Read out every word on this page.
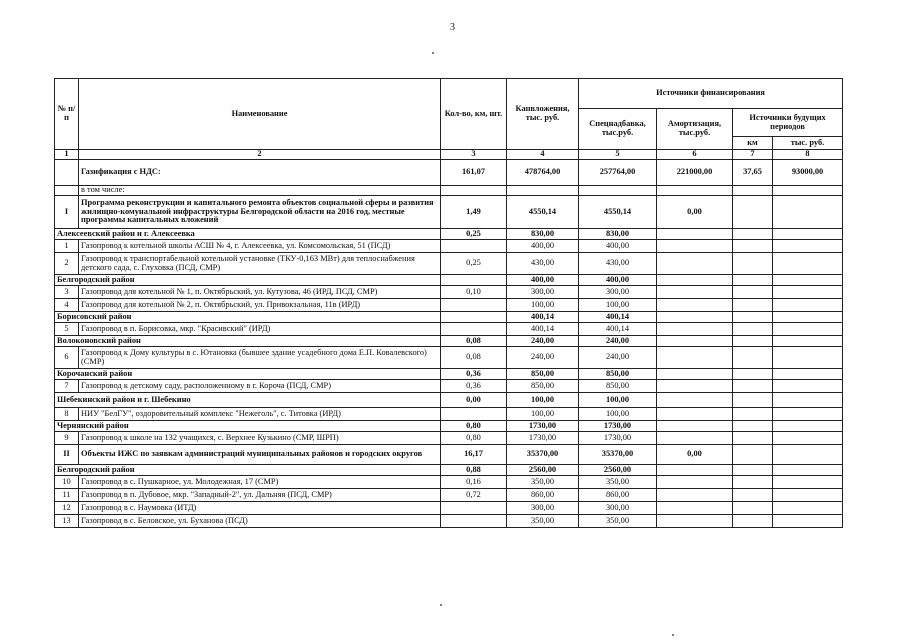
3
№ п/п	Наименование	Кол-во, км, шт.	Капвложения, тыс. руб.	Источники финансирования			
				Спецнадбавка, тыс.руб.	Амортизация, тыс.руб.	Источники будущих периодов	
						км	тыс. руб.
1	2	3	4	5	6	7	8
	Газификация с НДС:	161,07	478764,00	257764,00	221000,00	37,65	93000,00
	в том числе:						
I	Программа реконструкции и капитального ремонта объектов социальной сферы и развития жилищно-комунальной инфраструктуры Белгородской области на 2016 год, местные программы капитальных вложений	1,49	4550,14	4550,14	0,00		
Алексеевский район и г. Алексеевка		0,25	830,00	830,00			
1	Газопровод к котельной школы АСШ № 4, г. Алексеевка, ул. Комсомольская, 51 (ПСД)		400,00	400,00			
2	Газопровод к транспортабельной котельной установке (ТКУ-0,163 МВт) для теплоснабжения детского сада, с. Глуховка (ПСД, СМР)	0,25	430,00	430,00			
Белгородский район			400,00	400,00			
3	Газопровод для котельной № 1, п. Октябрьский, ул. Кутузова, 46 (ИРД, ПСД, СМР)	0,10	300,00	300,00			
4	Газопровод для котельной № 2, п. Октябрьский, ул. Привокзальная, 11в (ИРД)		100,00	100,00			
Борисовский район			400,14	400,14			
5	Газопровод в п. Борисовка, мкр. "Красивский" (ИРД)		400,14	400,14			
Волоконовский район		0,08	240,00	240,00			
6	Газопровод к Дому культуры в с. Ютановка (бывшее здание усадебного дома Е.П. Ковалевского) (СМР)	0,08	240,00	240,00			
Корочанский район		0,36	850,00	850,00			
7	Газопровод к детскому саду, расположенному в г. Короча (ПСД, СМР)	0,36	850,00	850,00			
Шебекинский район и г. Шебекино		0,00	100,00	100,00			
8	НИУ "БелГУ", оздоровительный комплекс "Нежеголь", с. Титовка (ИРД)		100,00	100,00			
Чернянский район		0,80	1730,00	1730,00			
9	Газопровод к школе на 132 учащихся, с. Верхнее Кузькино (СМР, ШРП)	0,80	1730,00	1730,00			
II	Объекты ИЖС по заявкам администраций муниципальных районов и городских округов	16,17	35370,00	35370,00	0,00		
Белгородский район		0,88	2560,00	2560,00			
10	Газопровод в с. Пушкарное, ул. Молодежная, 17 (СМР)	0,16	350,00	350,00			
11	Газопровод в п. Дубовое, мкр. "Западный-2", ул. Дальняя (ПСД, СМР)	0,72	860,00	860,00			
12	Газопровод в с. Наумовка (ИТД)		300,00	300,00			
13	Газопровод в с. Беловское, ул. Буханова (ПСД)		350,00	350,00			
